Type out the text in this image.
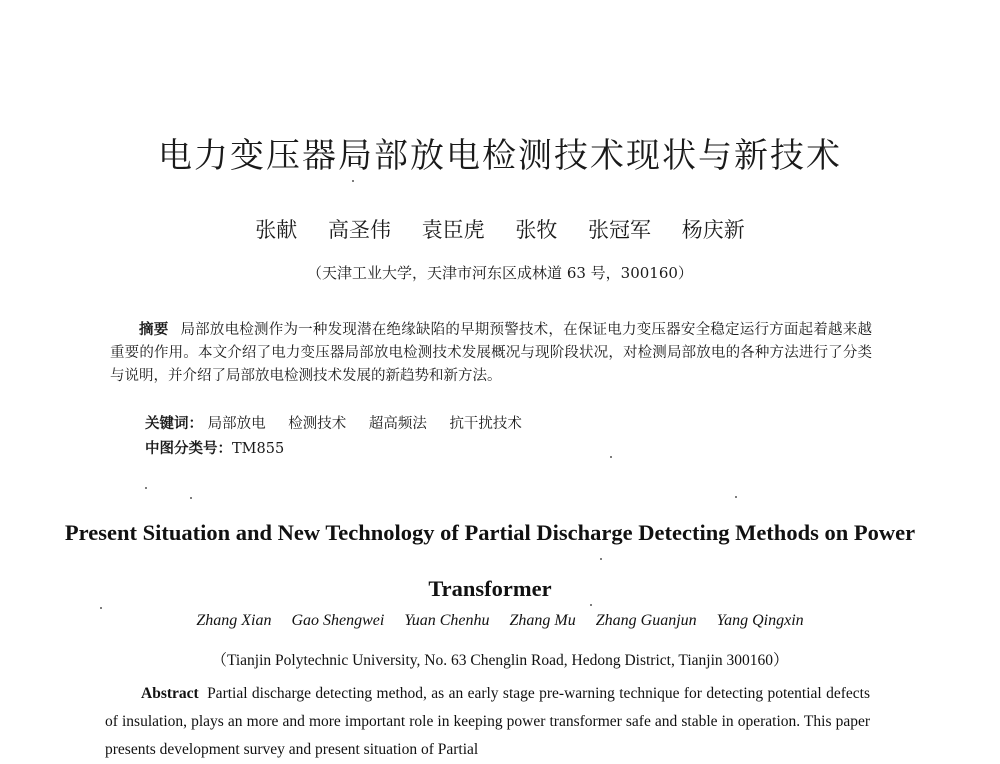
电力变压器局部放电检测技术现状与新技术
张献 高圣伟 袁臣虎 张牧 张冠军 杨庆新
（天津工业大学，天津市河东区成林道 63 号，300160）
摘要 局部放电检测作为一种发现潜在绝缘缺陷的早期预警技术，在保证电力变压器安全稳定运行方面起着越来越重要的作用。本文介绍了电力变压器局部放电检测技术发展概况与现阶段状况，对检测局部放电的各种方法进行了分类与说明，并介绍了局部放电检测技术发展的新趋势和新方法。
关键词： 局部放电 检测技术 超高频法 抗干扰技术
中图分类号：TM855
Present Situation and New Technology of Partial Discharge Detecting Methods on Power Transformer
Zhang Xian Gao Shengwei Yuan Chenhu Zhang Mu Zhang Guanjun Yang Qingxin
（Tianjin Polytechnic University, No. 63 Chenglin Road, Hedong District, Tianjin 300160）
Abstract Partial discharge detecting method, as an early stage pre-warning technique for detecting potential defects of insulation, plays an more and more important role in keeping power transformer safe and stable in operation. This paper presents development survey and present situation of Partial
